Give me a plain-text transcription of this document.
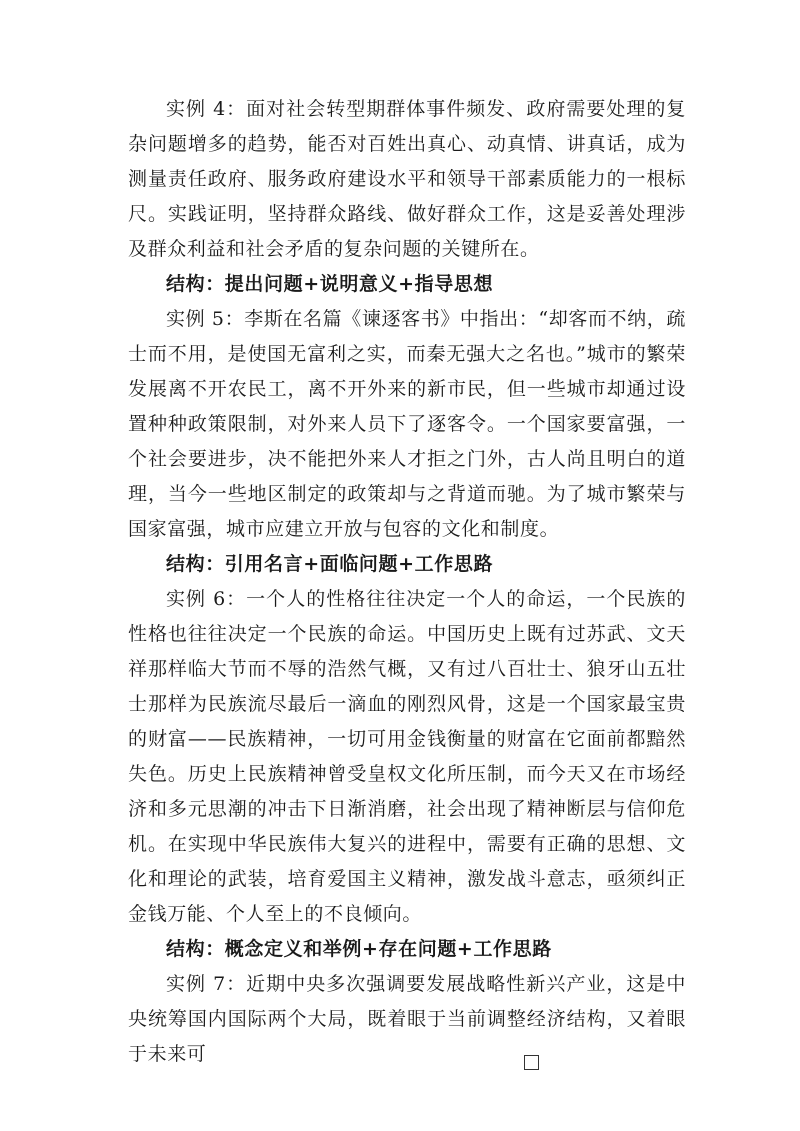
实例 4：面对社会转型期群体事件频发、政府需要处理的复杂问题增多的趋势，能否对百姓出真心、动真情、讲真话，成为测量责任政府、服务政府建设水平和领导干部素质能力的一根标尺。实践证明，坚持群众路线、做好群众工作，这是妥善处理涉及群众利益和社会矛盾的复杂问题的关键所在。

结构：提出问题+说明意义+指导思想

实例 5：李斯在名篇《谏逐客书》中指出：“却客而不纳，疏士而不用，是使国无富利之实，而秦无强大之名也。”城市的繁荣发展离不开农民工，离不开外来的新市民，但一些城市却通过设置种种政策限制，对外来人员下了逐客令。一个国家要富强，一个社会要进步，决不能把外来人才拒之门外，古人尚且明白的道理，当今一些地区制定的政策却与之背道而驰。为了城市繁荣与国家富强，城市应建立开放与包容的文化和制度。

结构：引用名言+面临问题+工作思路

实例 6：一个人的性格往往决定一个人的命运，一个民族的性格也往往决定一个民族的命运。中国历史上既有过苏武、文天祥那样临大节而不辱的浩然气概，又有过八百壮士、狼牙山五壮士那样为民族流尽最后一滴血的刚烈风骨，这是一个国家最宝贵的财富——民族精神，一切可用金钱衡量的财富在它面前都黯然失色。历史上民族精神曾受皇权文化所压制，而今天又在市场经济和多元思潮的冲击下日渐消磨，社会出现了精神断层与信仰危机。在实现中华民族伟大复兴的进程中，需要有正确的思想、文化和理论的武装，培育爱国主义精神，激发战斗意志，亟须纠正金钱万能、个人至上的不良倾向。

结构：概念定义和举例+存在问题+工作思路

实例 7：近期中央多次强调要发展战略性新兴产业，这是中央统筹国内国际两个大局，既着眼于当前调整经济结构，又着眼于未来可
